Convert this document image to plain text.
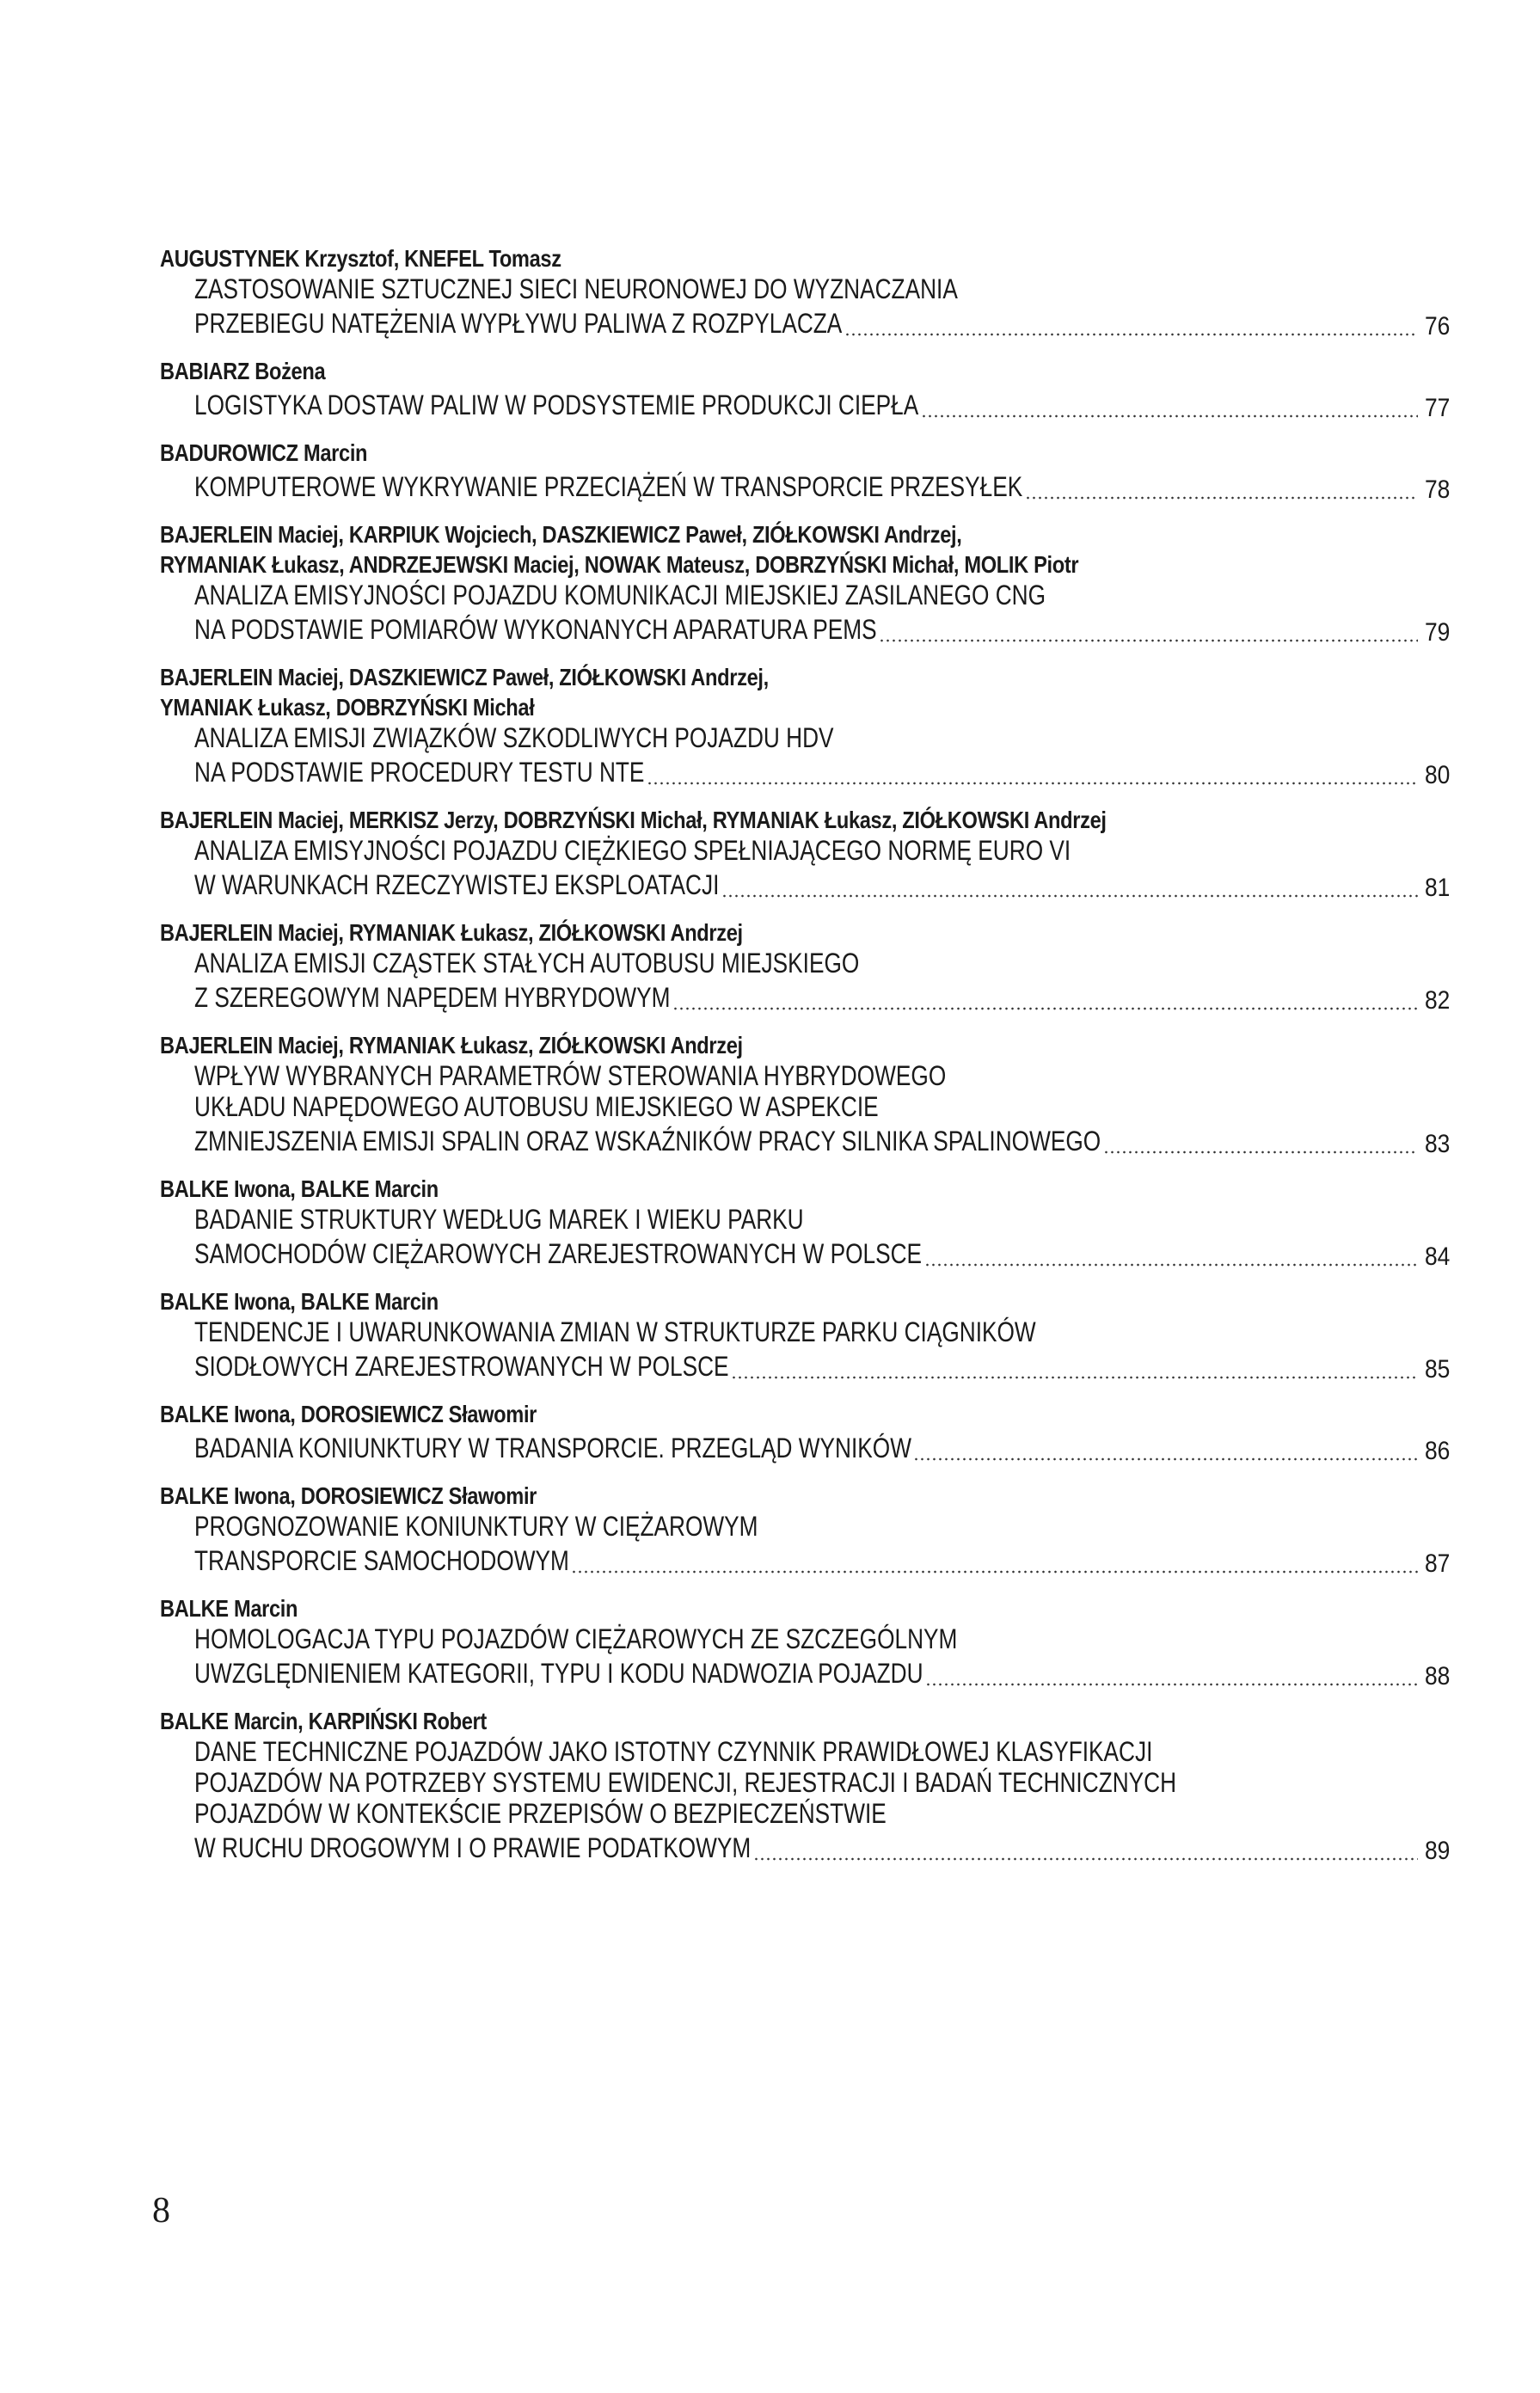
AUGUSTYNEK Krzysztof, KNEFEL Tomasz
ZASTOSOWANIE SZTUCZNEJ SIECI NEURONOWEJ DO WYZNACZANIA
PRZEBIEGU NATĘŻENIA WYPŁYWU PALIWA Z ROZPYLACZA	76
BABIARZ Bożena
LOGISTYKA DOSTAW PALIW W PODSYSTEMIE PRODUKCJI CIEPŁA	77
BADUROWICZ Marcin
KOMPUTEROWE WYKRYWANIE PRZECIĄŻEŃ W TRANSPORCIE PRZESYŁEK	78
BAJERLEIN Maciej, KARPIUK Wojciech, DASZKIEWICZ Paweł, ZIÓŁKOWSKI Andrzej,
RYMANIAK Łukasz, ANDRZEJEWSKI Maciej, NOWAK Mateusz, DOBRZYŃSKI Michał, MOLIK Piotr
ANALIZA EMISYJNOŚCI POJAZDU KOMUNIKACJI MIEJSKIEJ ZASILANEGO CNG
NA PODSTAWIE POMIARÓW WYKONANYCH APARATURA PEMS	79
BAJERLEIN Maciej, DASZKIEWICZ Paweł, ZIÓŁKOWSKI Andrzej,
YMANIAK Łukasz, DOBRZYŃSKI Michał
ANALIZA EMISJI ZWIĄZKÓW SZKODLIWYCH POJAZDU HDV
NA PODSTAWIE PROCEDURY TESTU NTE	80
BAJERLEIN Maciej, MERKISZ Jerzy, DOBRZYŃSKI Michał, RYMANIAK Łukasz, ZIÓŁKOWSKI Andrzej
ANALIZA EMISYJNOŚCI POJAZDU CIĘŻKIEGO SPEŁNIAJĄCEGO NORMĘ EURO VI
W WARUNKACH RZECZYWISTEJ EKSPLOATACJI	81
BAJERLEIN Maciej, RYMANIAK Łukasz, ZIÓŁKOWSKI Andrzej
ANALIZA EMISJI CZĄSTEK STAŁYCH AUTOBUSU MIEJSKIEGO
Z SZEREGOWYM NAPĘDEM HYBRYDOWYM	82
BAJERLEIN Maciej, RYMANIAK Łukasz, ZIÓŁKOWSKI Andrzej
WPŁYW WYBRANYCH PARAMETRÓW STEROWANIA HYBRYDOWEGO
UKŁADU NAPĘDOWEGO AUTOBUSU MIEJSKIEGO W ASPEKCIE
ZMNIEJSZENIA EMISJI SPALIN ORAZ WSKAŹNIKÓW PRACY SILNIKA SPALINOWEGO	83
BALKE Iwona, BALKE Marcin
BADANIE STRUKTURY WEDŁUG MAREK I WIEKU PARKU
SAMOCHODÓW CIĘŻAROWYCH ZAREJESTROWANYCH W POLSCE	84
BALKE Iwona, BALKE Marcin
TENDENCJE I UWARUNKOWANIA ZMIAN W STRUKTURZE PARKU CIĄGNIKÓW
SIODŁOWYCH ZAREJESTROWANYCH W POLSCE	85
BALKE Iwona, DOROSIEWICZ Sławomir
BADANIA KONIUNKTURY W TRANSPORCIE. PRZEGLĄD WYNIKÓW	86
BALKE Iwona, DOROSIEWICZ Sławomir
PROGNOZOWANIE KONIUNKTURY W CIĘŻAROWYM
TRANSPORCIE SAMOCHODOWYM	87
BALKE Marcin
HOMOLOGACJA TYPU POJAZDÓW CIĘŻAROWYCH ZE SZCZEGÓLNYM
UWZGLĘDNIENIEM KATEGORII, TYPU I KODU NADWOZIA POJAZDU	88
BALKE Marcin, KARPIŃSKI Robert
DANE TECHNICZNE POJAZDÓW JAKO ISTOTNY CZYNNIK PRAWIDŁOWEJ KLASYFIKACJI
POJAZDÓW NA POTRZEBY SYSTEMU EWIDENCJI, REJESTRACJI I BADAŃ TECHNICZNYCH
POJAZDÓW W KONTEKŚCIE PRZEPISÓW O BEZPIECZEŃSTWIE
W RUCHU DROGOWYM I O PRAWIE PODATKOWYM	89
8
